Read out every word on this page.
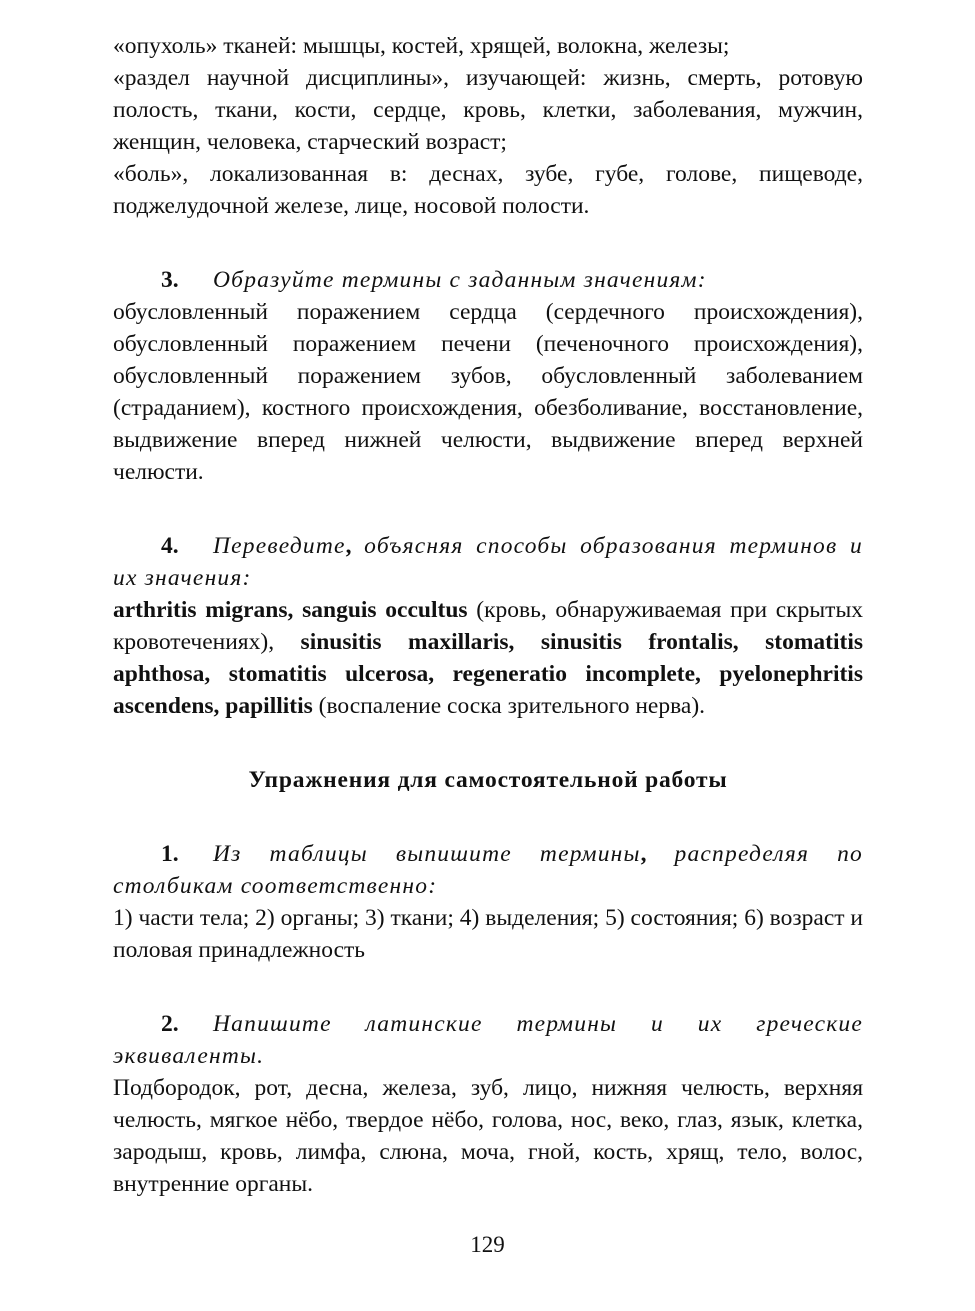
«опухоль» тканей: мышцы, костей, хрящей, волокна, железы;

«раздел научной дисциплины», изучающей: жизнь, смерть, ротовую полость, ткани, кости, сердце, кровь, клетки, заболевания, мужчин, женщин, человека, старческий возраст;

«боль», локализованная в: деснах, зубе, губе, голове, пищеводе, поджелудочной железе, лице, носовой полости.

3. Образуйте термины с заданным значениям:

обусловленный поражением сердца (сердечного происхождения), обусловленный поражением печени (печеночного происхождения), обусловленный поражением зубов, обусловленный заболеванием (страданием), костного происхождения, обезболивание, восстановление, выдвижение вперед нижней челюсти, выдвижение вперед верхней челюсти.

4. Переведите, объясняя способы образования терминов и их значения:

arthritis migrans, sanguis occultus (кровь, обнаруживаемая при скрытых кровотечениях), sinusitis maxillaris, sinusitis frontalis, stomatitis aphthosa, stomatitis ulcerosa, regeneratio incomplete, pyelonephritis ascendens, papillitis (воспаление соска зрительного нерва).

Упражнения для самостоятельной работы

1. Из таблицы выпишите термины, распределяя по столбикам соответственно:

1) части тела; 2) органы; 3) ткани; 4) выделения; 5) состояния; 6) возраст и половая принадлежность

2. Напишите латинские термины и их греческие эквиваленты.

Подбородок, рот, десна, железа, зуб, лицо, нижняя челюсть, верхняя челюсть, мягкое нёбо, твердое нёбо, голова, нос, веко, глаз, язык, клетка, зародыш, кровь, лимфа, слюна, моча, гной, кость, хрящ, тело, волос, внутренние органы.

129
